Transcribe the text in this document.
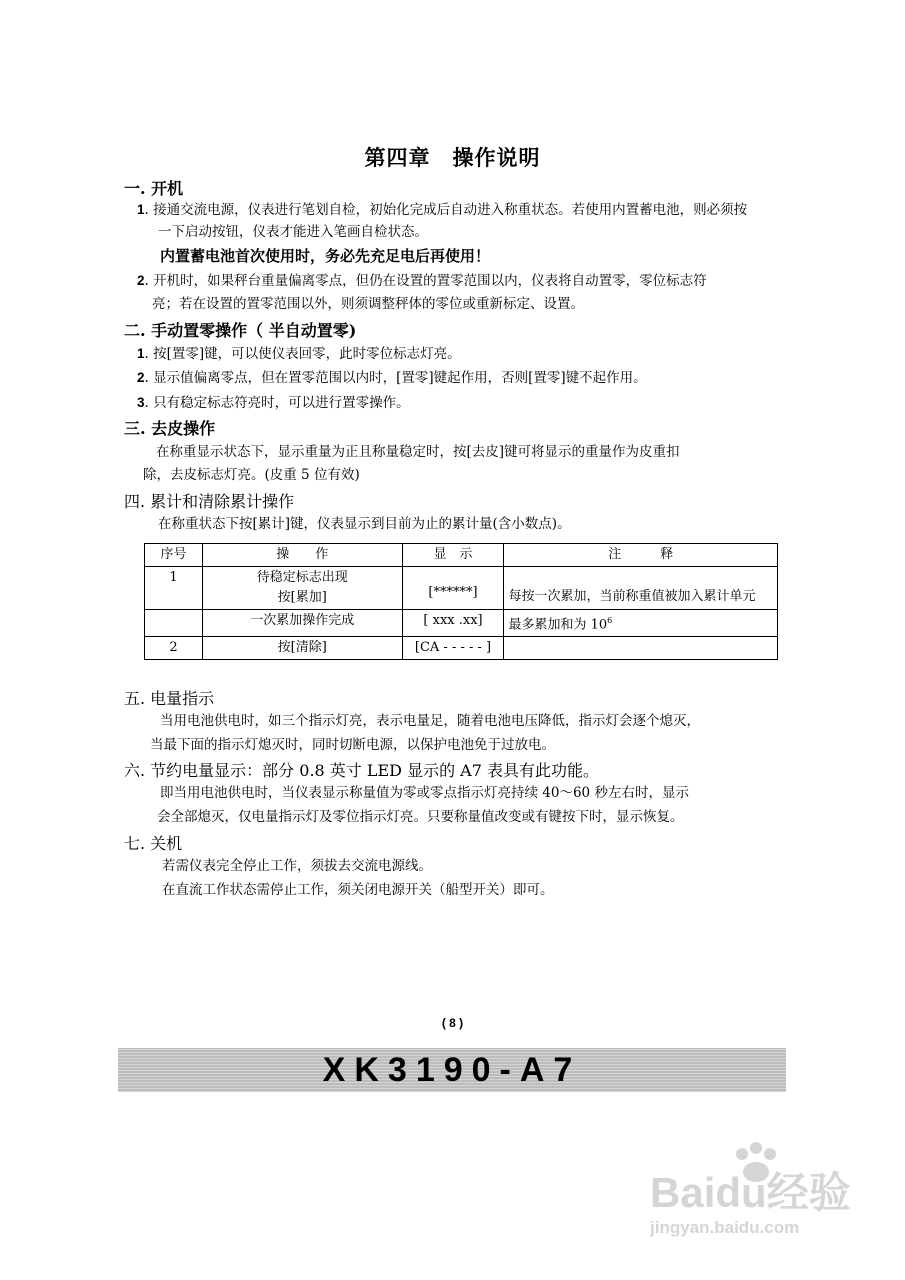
第四章　操作说明
一. 开机
1. 接通交流电源，仪表进行笔划自检，初始化完成后自动进入称重状态。若使用内置蓄电池，则必须按
一下启动按钮，仪表才能进入笔画自检状态。
内置蓄电池首次使用时，务必先充足电后再使用！
2. 开机时，如果秤台重量偏离零点，但仍在设置的置零范围以内，仪表将自动置零，零位标志符
亮；若在设置的置零范围以外，则须调整秤体的零位或重新标定、设置。
二. 手动置零操作（ 半自动置零)
1. 按[置零]键，可以使仪表回零，此时零位标志灯亮。
2. 显示值偏离零点，但在置零范围以内时，[置零]键起作用，否则[置零]键不起作用。
3. 只有稳定标志符亮时，可以进行置零操作。
三. 去皮操作
在称重显示状态下，显示重量为正且称量稳定时，按[去皮]键可将显示的重量作为皮重扣
除，去皮标志灯亮。(皮重 5 位有效)
四. 累计和清除累计操作
在称重状态下按[累计]键，仪表显示到目前为止的累计量(含小数点)。
序号	操　　作	显　示	注　　　释
1	待稳定标志出现
按[累加]	[******]	每按一次累加，当前称重值被加入累计单元
	一次累加操作完成	[ xxx .xx]	最多累加和为 $10^6$
2	按[清除]	[CA - - - - - ]	
五. 电量指示
当用电池供电时，如三个指示灯亮，表示电量足，随着电池电压降低，指示灯会逐个熄灭，
当最下面的指示灯熄灭时，同时切断电源，以保护电池免于过放电。
六. 节约电量显示：部分 0.8 英寸 LED 显示的 A7 表具有此功能。
即当用电池供电时，当仪表显示称量值为零或零点指示灯亮持续 40～60 秒左右时，显示
会全部熄灭，仅电量指示灯及零位指示灯亮。只要称量值改变或有键按下时，显示恢复。
七. 关机
若需仪表完全停止工作，须拔去交流电源线。
在直流工作状态需停止工作，须关闭电源开关（船型开关）即可。
( 8 )
XK3190-A7
Baidu经验
jingyan.baidu.com
